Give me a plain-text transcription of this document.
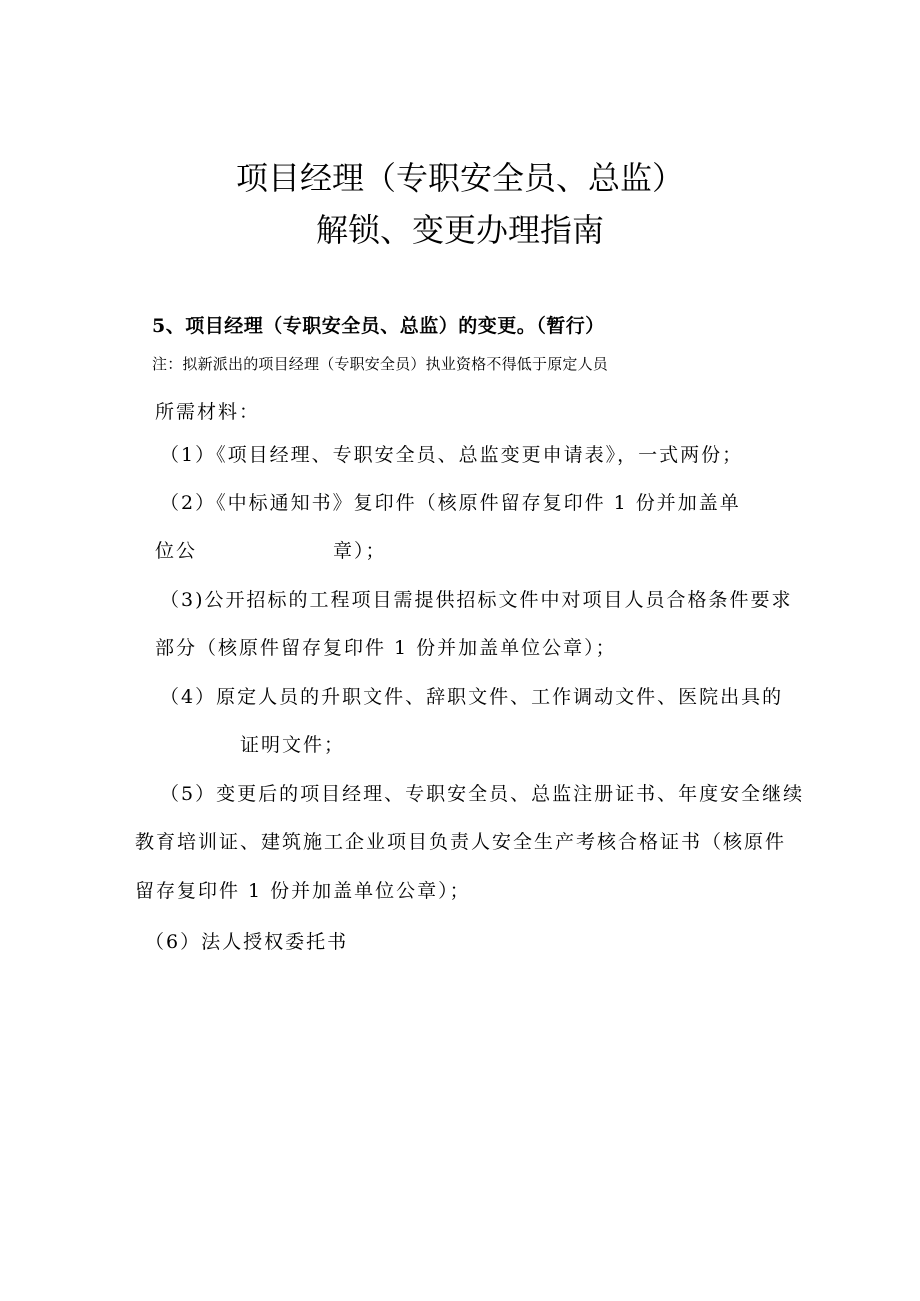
项目经理（专职安全员、总监）
解锁、变更办理指南
5、项目经理（专职安全员、总监）的变更。（暂行）
注：拟新派出的项目经理（专职安全员）执业资格不得低于原定人员
所需材料：
（1）《项目经理、专职安全员、总监变更申请表》，一式两份；
（2）《中标通知书》复印件（核原件留存复印件 1 份并加盖单
位公	章）；
（3)公开招标的工程项目需提供招标文件中对项目人员合格条件要求
部分（核原件留存复印件 1 份并加盖单位公章）；
（4）原定人员的升职文件、辞职文件、工作调动文件、医院出具的
证明文件；
（5）变更后的项目经理、专职安全员、总监注册证书、年度安全继续
教育培训证、建筑施工企业项目负责人安全生产考核合格证书（核原件
留存复印件 1 份并加盖单位公章）；
（6）法人授权委托书
